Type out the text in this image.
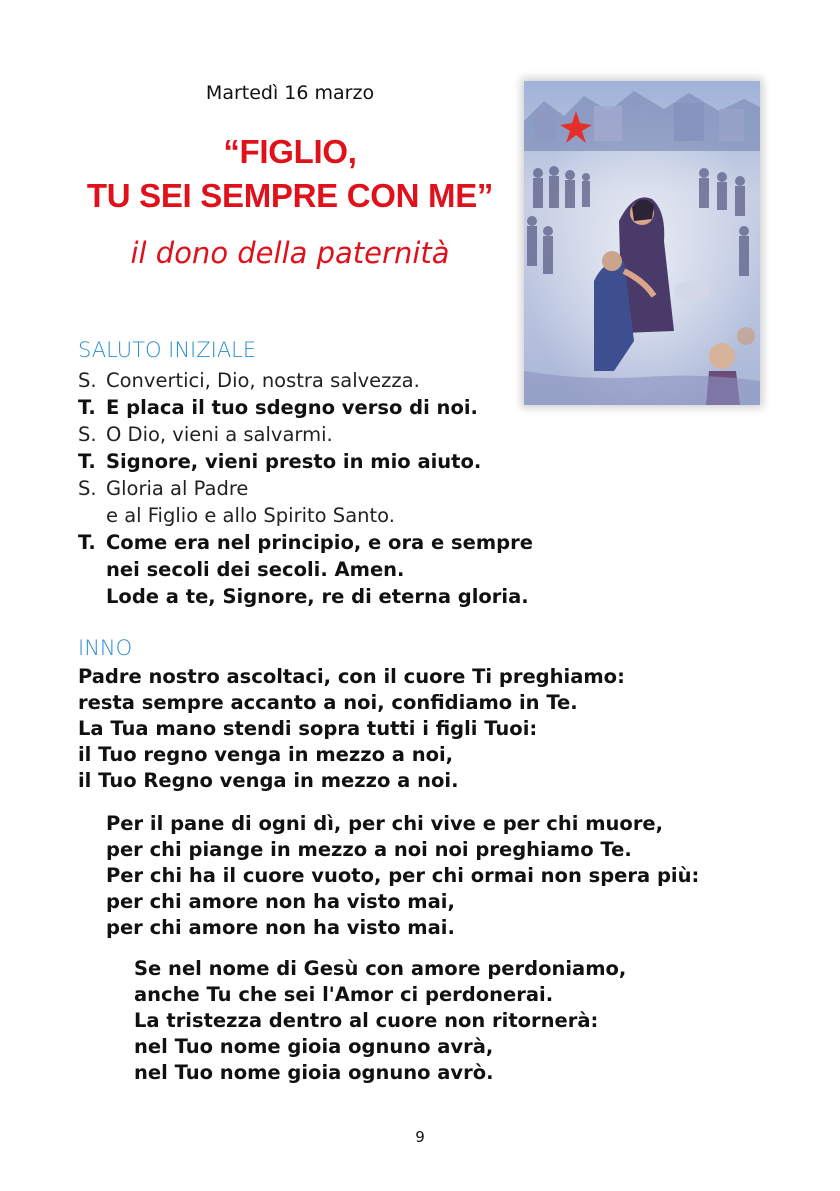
Martedì 16 marzo
“FIGLIO,
TU SEI SEMPRE CON ME”
il dono della paternità
SALUTO INIZIALE
S. Convertici, Dio, nostra salvezza.
T. E placa il tuo sdegno verso di noi.
S. O Dio, vieni a salvarmi.
T. Signore, vieni presto in mio aiuto.
S. Gloria al Padre
e al Figlio e allo Spirito Santo.
T. Come era nel principio, e ora e sempre
nei secoli dei secoli. Amen.
Lode a te, Signore, re di eterna gloria.
INNO
Padre nostro ascoltaci, con il cuore Ti preghiamo:
resta sempre accanto a noi, confidiamo in Te.
La Tua mano stendi sopra tutti i figli Tuoi:
il Tuo regno venga in mezzo a noi,
il Tuo Regno venga in mezzo a noi.
Per il pane di ogni dì, per chi vive e per chi muore,
per chi piange in mezzo a noi noi preghiamo Te.
Per chi ha il cuore vuoto, per chi ormai non spera più:
per chi amore non ha visto mai,
per chi amore non ha visto mai.
Se nel nome di Gesù con amore perdoniamo,
anche Tu che sei l'Amor ci perdonerai.
La tristezza dentro al cuore non ritornerà:
nel Tuo nome gioia ognuno avrà,
nel Tuo nome gioia ognuno avrò.
9
